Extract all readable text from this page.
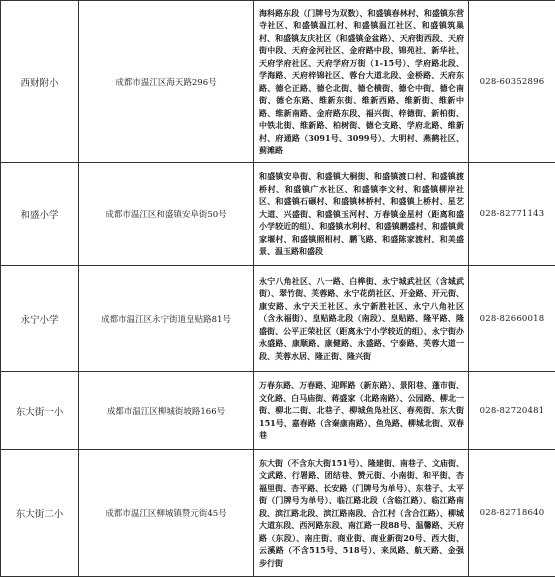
西财附小	成都市温江区海天路296号	海科路东段（门牌号为双数）、和盛镇春林村、和盛镇东营寺社区、和盛镇温江村、和盛镇温江社区、和盛镇筑巢村、和盛镇友庆社区（和盛镇金盆路）、天府街西段、天府街中段、天府金河社区、金府路中段、锦苑社、新华社、天府学府社区、天府学府万街（1-15号）、学府路北段、学海路、天府梓锦社区、蓉台大道北段、金桥路、天府东路、德仑正路、德仑北街、德仑横街、德仑中街、德仑南街、德仑东路、维新东街、维新西路、维新街、维新中路、维新南路、金府路东段、福兴街、梓德街、新柏街、中铁北街、维新路、柏树街、德仑支路、学府北路、维新村、府通路（3091号、3099号）、大明村、燕鹤社区、蓟滩路	028-60352896
和盛小学	成都市温江区和盛镇安阜街50号	和盛镇安阜街、和盛镇大桐街、和盛镇渡口村、和盛镇渡桥村、和盛镇广水社区、和盛镇李文村、和盛镇柳岸社区、和盛镇石碾村、和盛镇林桥村、和盛镇上桥村、星艺大道、兴盛街、和盛镇玉河村、万春镇金星村（距离和盛小学较近的组）、和盛镇水利村、和盛镇鹏盛村、和盛镇黄家堰村、和盛镇照相村、鹏飞路、和盛陈家渡村、和美盛景、温玉路和盛段	028-82771143
永宁小学	成都市温江区永宁街道皇贴路81号	永宁八角社区、八一路、白桦街、永宁城武社区（含城武街）、翠竹街、芙蓉路、永宁花荫社区、开金路、开元街、康安路、永宁天王社区、永宁新胜社区、永宁八角社区（含永福街）、皇贴路北段（南段）、皇贴路、隆平路、隆盛街、公平正荣社区（距离永宁小学较近的组）、永宁街办永盛路、康顺路、康健路、永盛路、宁泰路、芙蓉大道一段、芙蓉水居、隆正街、隆兴街	028-82660018
东大街一小	成都市温江区柳城街坡路166号	万春东路、万春路、迎晖路（新东路）、景阳巷、蓬市街、文化路、白马庙街、蒋盛家（北路南路）、公园路、柳北一街、柳北二街、北巷子、柳城鱼凫社区、春苑街、东大街151号、嘉春路（含秦康南路）、鱼凫路、柳城北街、双春巷	028-82720481
东大街二小	成都市温江区柳城镇赞元街45号	东大街（不含东大街151号）、隆建街、南巷子、文庙街、文武路、行署路、团结巷、赞元街、小南街、和平街、杏福里街、杏平路、长安路（门牌号为单号）、东巷子、太平街（门牌号为单号）、临江路北段（含临江路）、临江路南段、滨江路北段、滨江路南段、合江村（含合江路）、柳城大道东段、西河路东段、南江路一段88号、温馨路、天府路（东段）、南庄街、商业街、商业新街20号、西大街、云溪路（不含515号、518号）、来凤路、航天路、金强步行街	028-82718640
